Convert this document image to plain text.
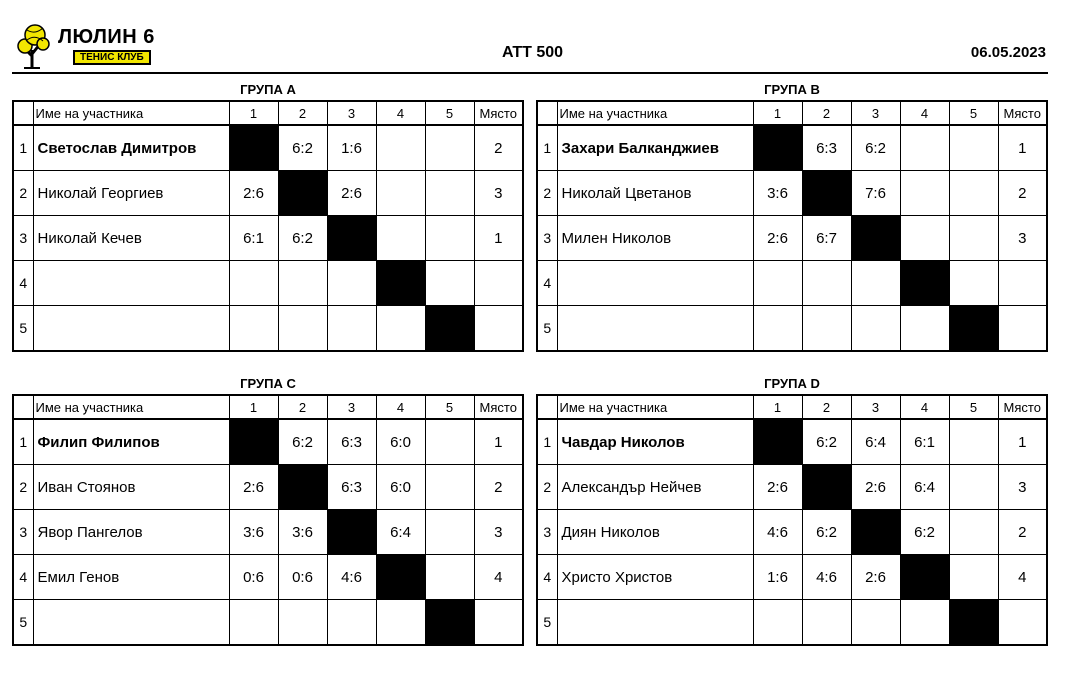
ЛЮЛИН 6
ТЕНИС КЛУБ	ATT 500	06.05.2023
ГРУПА А
	Име на участника	1	2	3	4	5	Място
1	Светослав Димитров		6:2	1:6			2
2	Николай Георгиев	2:6		2:6			3
3	Николай Кечев	6:1	6:2				1
4							
5							
ГРУПА В
	Име на участника	1	2	3	4	5	Място
1	Захари Балканджиев		6:3	6:2			1
2	Николай Цветанов	3:6		7:6			2
3	Милен Николов	2:6	6:7				3
4							
5							
ГРУПА С
	Име на участника	1	2	3	4	5	Място
1	Филип Филипов		6:2	6:3	6:0		1
2	Иван Стоянов	2:6		6:3	6:0		2
3	Явор Пангелов	3:6	3:6		6:4		3
4	Емил Генов	0:6	0:6	4:6			4
5							
ГРУПА D
	Име на участника	1	2	3	4	5	Място
1	Чавдар Николов		6:2	6:4	6:1		1
2	Александър Нейчев	2:6		2:6	6:4		3
3	Диян Николов	4:6	6:2		6:2		2
4	Христо Христов	1:6	4:6	2:6			4
5							
